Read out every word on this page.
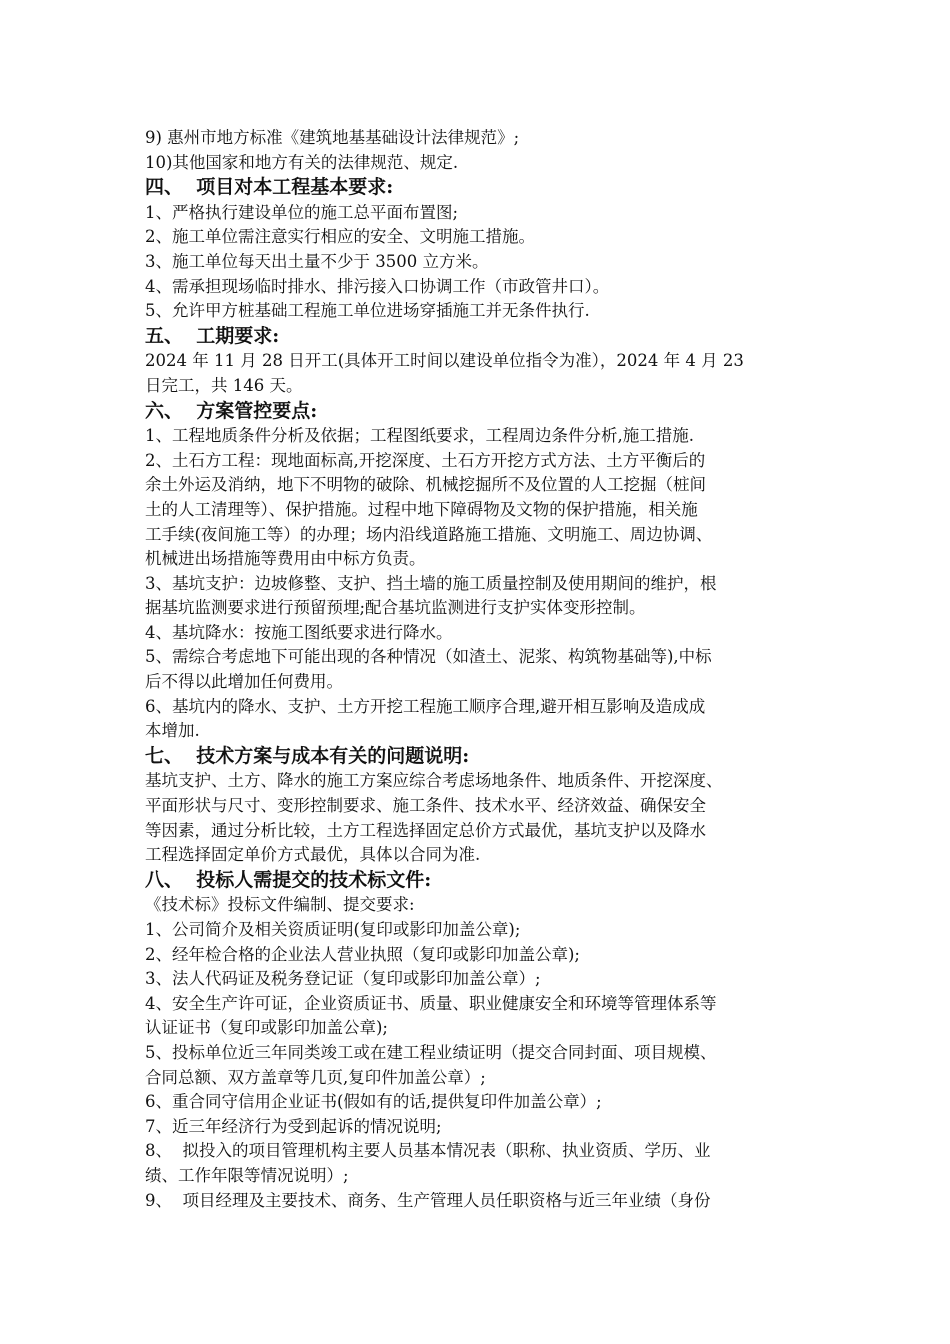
9) 惠州市地方标准《建筑地基基础设计法律规范》;
10)其他国家和地方有关的法律规范、规定.
四、  项目对本工程基本要求:
1、严格执行建设单位的施工总平面布置图;
2、施工单位需注意实行相应的安全、文明施工措施。
3、施工单位每天出土量不少于 3500 立方米。
4、需承担现场临时排水、排污接入口协调工作（市政管井口）。
5、允许甲方桩基础工程施工单位进场穿插施工并无条件执行.
五、  工期要求:
2024 年 11 月 28 日开工(具体开工时间以建设单位指令为准），2024 年 4 月 23
日完工，共 146 天。
六、  方案管控要点:
1、工程地质条件分析及依据；工程图纸要求，工程周边条件分析,施工措施.
2、土石方工程：现地面标高,开挖深度、土石方开挖方式方法、土方平衡后的
余土外运及消纳，地下不明物的破除、机械挖掘所不及位置的人工挖掘（桩间
土的人工清理等）、保护措施。过程中地下障碍物及文物的保护措施，相关施
工手续(夜间施工等）的办理；场内沿线道路施工措施、文明施工、周边协调、
机械进出场措施等费用由中标方负责。
3、基坑支护：边坡修整、支护、挡土墙的施工质量控制及使用期间的维护，根
据基坑监测要求进行预留预埋;配合基坑监测进行支护实体变形控制。
4、基坑降水：按施工图纸要求进行降水。
5、需综合考虑地下可能出现的各种情况（如渣土、泥浆、构筑物基础等),中标
后不得以此增加任何费用。
6、基坑内的降水、支护、土方开挖工程施工顺序合理,避开相互影响及造成成
本增加.
七、  技术方案与成本有关的问题说明:
基坑支护、土方、降水的施工方案应综合考虑场地条件、地质条件、开挖深度、
平面形状与尺寸、变形控制要求、施工条件、技术水平、经济效益、确保安全
等因素，通过分析比较，土方工程选择固定总价方式最优，基坑支护以及降水
工程选择固定单价方式最优，具体以合同为准.
八、  投标人需提交的技术标文件:
《技术标》投标文件编制、提交要求:
1、公司简介及相关资质证明(复印或影印加盖公章);
2、经年检合格的企业法人营业执照（复印或影印加盖公章);
3、法人代码证及税务登记证（复印或影印加盖公章）;
4、安全生产许可证，企业资质证书、质量、职业健康安全和环境等管理体系等
认证证书（复印或影印加盖公章);
5、投标单位近三年同类竣工或在建工程业绩证明（提交合同封面、项目规模、
合同总额、双方盖章等几页,复印件加盖公章）;
6、重合同守信用企业证书(假如有的话,提供复印件加盖公章）;
7、近三年经济行为受到起诉的情况说明;
8、  拟投入的项目管理机构主要人员基本情况表（职称、执业资质、学历、业
绩、工作年限等情况说明）;
9、  项目经理及主要技术、商务、生产管理人员任职资格与近三年业绩（身份
